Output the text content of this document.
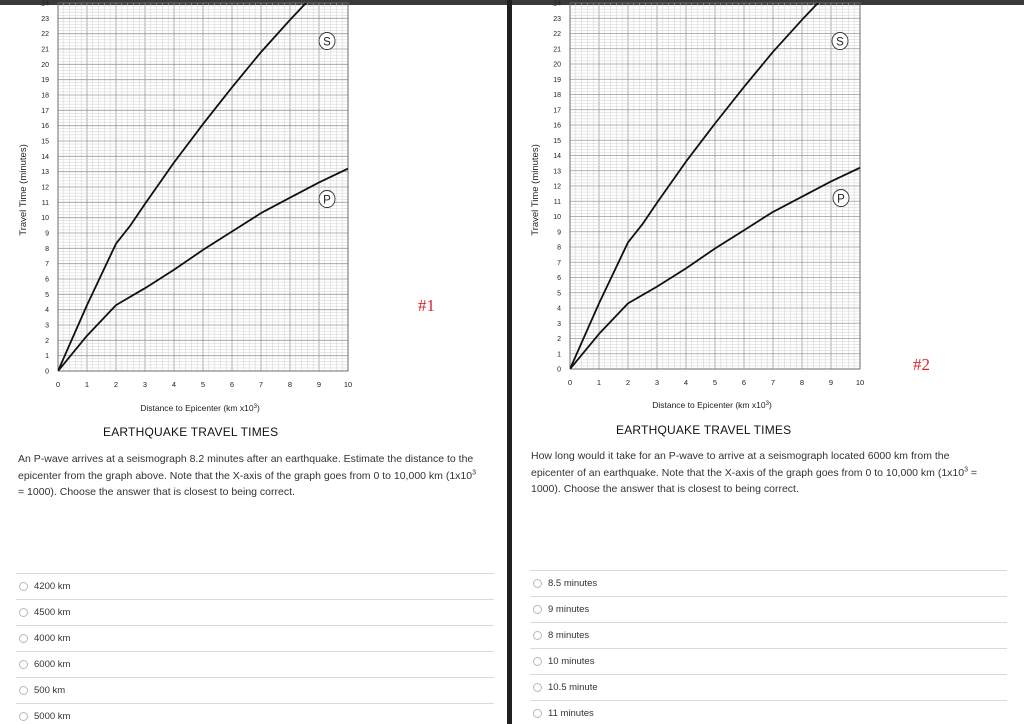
0	1	2	3	4	5	6	7	8	9	10
0
1
2
3
4
5
6
7
8
9
10
11
12
13
14
15
16
17
18
19
20
21
22
23
24
Travel Time (minutes)
S
P
Distance to Epicenter (km $x10^3$)
#1
EARTHQUAKE TRAVEL TIMES
An P-wave arrives at a seismograph 8.2 minutes after an earthquake. Estimate the distance to the
epicenter from the graph above. Note that the X-axis of the graph goes from 0 to 10,000 km ($1x10^3$
= 1000). Choose the answer that is closest to being correct.
4200 km
4500 km
4000 km
6000 km
500 km
5000 km
0	1	2	3	4	5	6	7	8	9	10
0
1
2
3
4
5
6
7
8
9
10
11
12
13
14
15
16
17
18
19
20
21
22
23
24
Travel Time (minutes)
S
P
Distance to Epicenter (km $x10^3$)
#2
EARTHQUAKE TRAVEL TIMES
How long would it take for an P-wave to arrive at a seismograph located 6000 km from the
epicenter of an earthquake. Note that the X-axis of the graph goes from 0 to 10,000 km ($1x10^3$ =
1000). Choose the answer that is closest to being correct.
8.5 minutes
9 minutes
8 minutes
10 minutes
10.5 minute
11 minutes
